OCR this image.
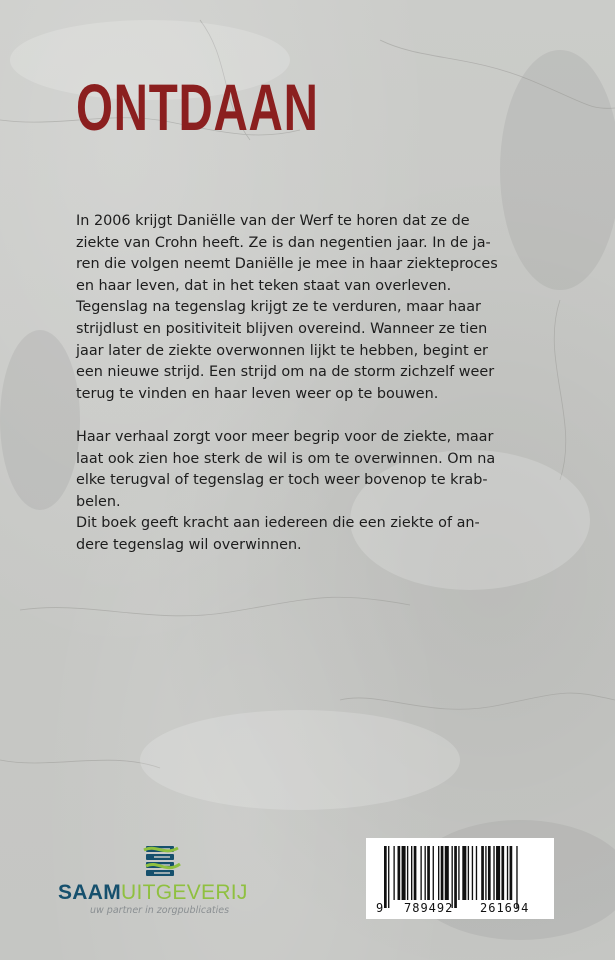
ONTDAAN

In 2006 krijgt Daniëlle van der Werf te horen dat ze de
ziekte van Crohn heeft. Ze is dan negentien jaar. In de ja-
ren die volgen neemt Daniëlle je mee in haar ziekteproces
en haar leven, dat in het teken staat van overleven.
Tegenslag na tegenslag krijgt ze te verduren, maar haar
strijdlust en positiviteit blijven overeind. Wanneer ze tien
jaar later de ziekte overwonnen lijkt te hebben, begint er
een nieuwe strijd. Een strijd om na de storm zichzelf weer
terug te vinden en haar leven weer op te bouwen.

Haar verhaal zorgt voor meer begrip voor de ziekte, maar
laat ook zien hoe sterk de wil is om te overwinnen. Om na
elke terugval of tegenslag er toch weer bovenop te krab-
belen.
Dit boek geeft kracht aan iedereen die een ziekte of an-
dere tegenslag wil overwinnen.

SAAMUITGEVERIJ
uw partner in zorgpublicaties	9 789492 261694
